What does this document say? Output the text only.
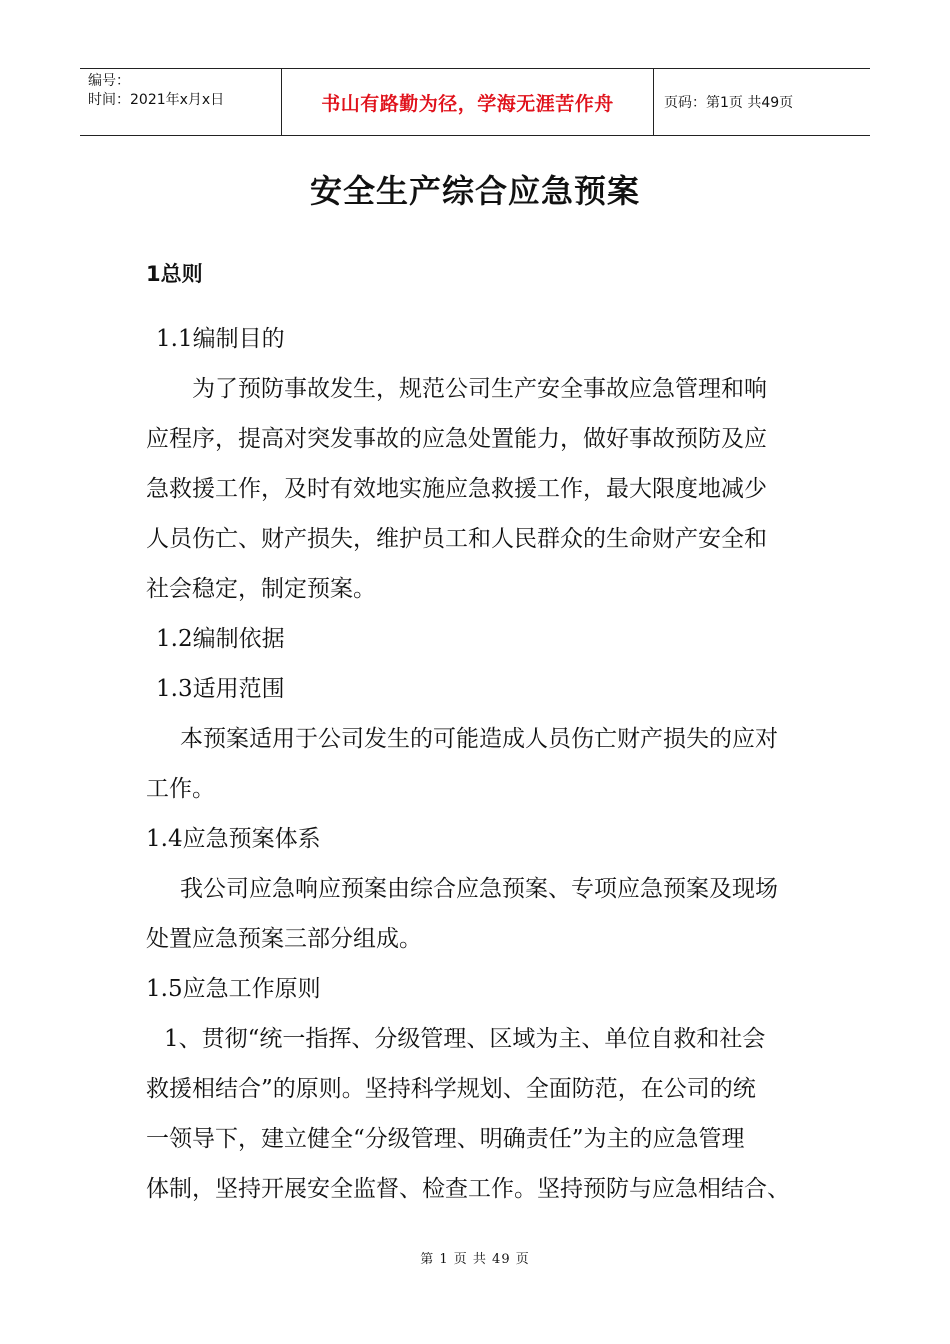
编号：
时间：2021年x月x日	书山有路勤为径，学海无涯苦作舟	页码：第1页 共49页
安全生产综合应急预案
1总则
1.1编制目的
为了预防事故发生，规范公司生产安全事故应急管理和响
应程序，提高对突发事故的应急处置能力，做好事故预防及应
急救援工作，及时有效地实施应急救援工作，最大限度地减少
人员伤亡、财产损失，维护员工和人民群众的生命财产安全和
社会稳定，制定预案。
1.2编制依据
1.3适用范围
本预案适用于公司发生的可能造成人员伤亡财产损失的应对
工作。
1.4应急预案体系
我公司应急响应预案由综合应急预案、专项应急预案及现场
处置应急预案三部分组成。
1.5应急工作原则
1、贯彻“统一指挥、分级管理、区域为主、单位自救和社会
救援相结合”的原则。坚持科学规划、全面防范，在公司的统
一领导下，建立健全“分级管理、明确责任”为主的应急管理
体制，坚持开展安全监督、检查工作。坚持预防与应急相结合、
第 1 页 共 49 页
